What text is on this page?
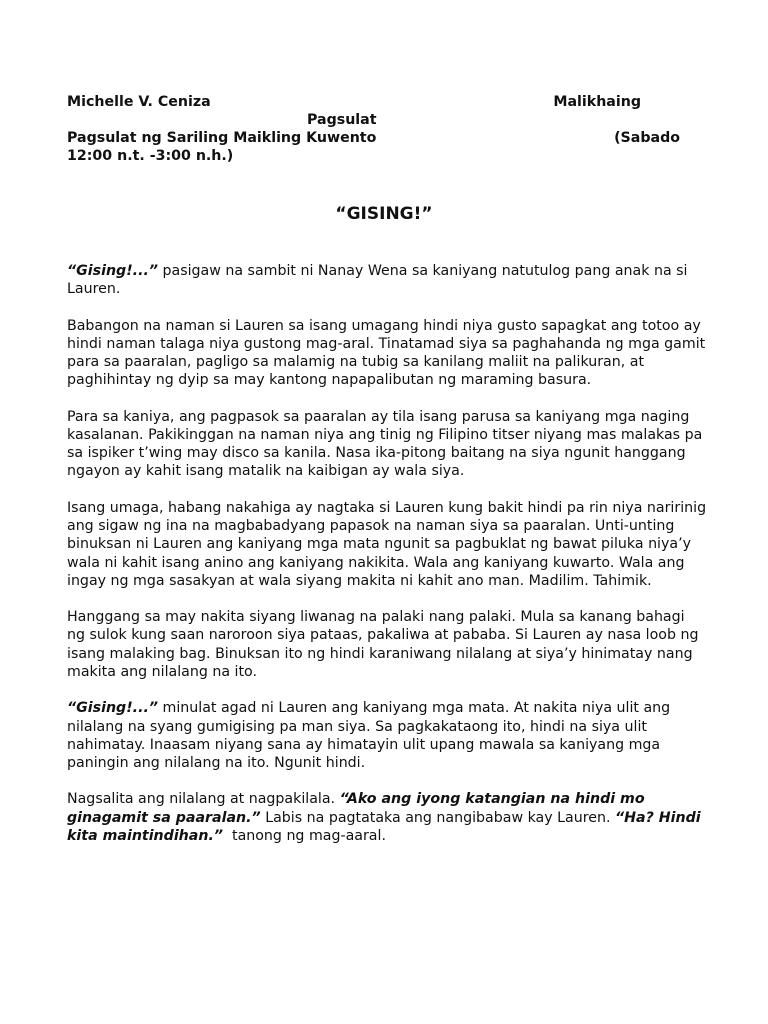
Michelle V. Ceniza	Malikhaing
Pagsulat
Pagsulat ng Sariling Maikling Kuwento	(Sabado
12:00 n.t. -3:00 n.h.)
“GISING!”

“Gising!...” pasigaw na sambit ni Nanay Wena sa kaniyang natutulog pang anak na si Lauren.

Babangon na naman si Lauren sa isang umagang hindi niya gusto sapagkat ang totoo ay hindi naman talaga niya gustong mag-aral. Tinatamad siya sa paghahanda ng mga gamit para sa paaralan, pagligo sa malamig na tubig sa kanilang maliit na palikuran, at paghihintay ng dyip sa may kantong napapalibutan ng maraming basura.

Para sa kaniya, ang pagpasok sa paaralan ay tila isang parusa sa kaniyang mga naging kasalanan. Pakikinggan na naman niya ang tinig ng Filipino titser niyang mas malakas pa sa ispiker t’wing may disco sa kanila. Nasa ika-pitong baitang na siya ngunit hanggang ngayon ay kahit isang matalik na kaibigan ay wala siya.

Isang umaga, habang nakahiga ay nagtaka si Lauren kung bakit hindi pa rin niya naririnig ang sigaw ng ina na magbabadyang papasok na naman siya sa paaralan. Unti-unting binuksan ni Lauren ang kaniyang mga mata ngunit sa pagbuklat ng bawat piluka niya’y wala ni kahit isang anino ang kaniyang nakikita. Wala ang kaniyang kuwarto. Wala ang ingay ng mga sasakyan at wala siyang makita ni kahit ano man. Madilim. Tahimik.

Hanggang sa may nakita siyang liwanag na palaki nang palaki. Mula sa kanang bahagi ng sulok kung saan naroroon siya pataas, pakaliwa at pababa. Si Lauren ay nasa loob ng isang malaking bag. Binuksan ito ng hindi karaniwang nilalang at siya’y hinimatay nang makita ang nilalang na ito.

“Gising!...” minulat agad ni Lauren ang kaniyang mga mata. At nakita niya ulit ang nilalang na syang gumigising pa man siya. Sa pagkakataong ito, hindi na siya ulit nahimatay. Inaasam niyang sana ay himatayin ulit upang mawala sa kaniyang mga paningin ang nilalang na ito. Ngunit hindi.

Nagsalita ang nilalang at nagpakilala. “Ako ang iyong katangian na hindi mo ginagamit sa paaralan.” Labis na pagtataka ang nangibabaw kay Lauren. “Ha? Hindi kita maintindihan.”  tanong ng mag-aaral.
